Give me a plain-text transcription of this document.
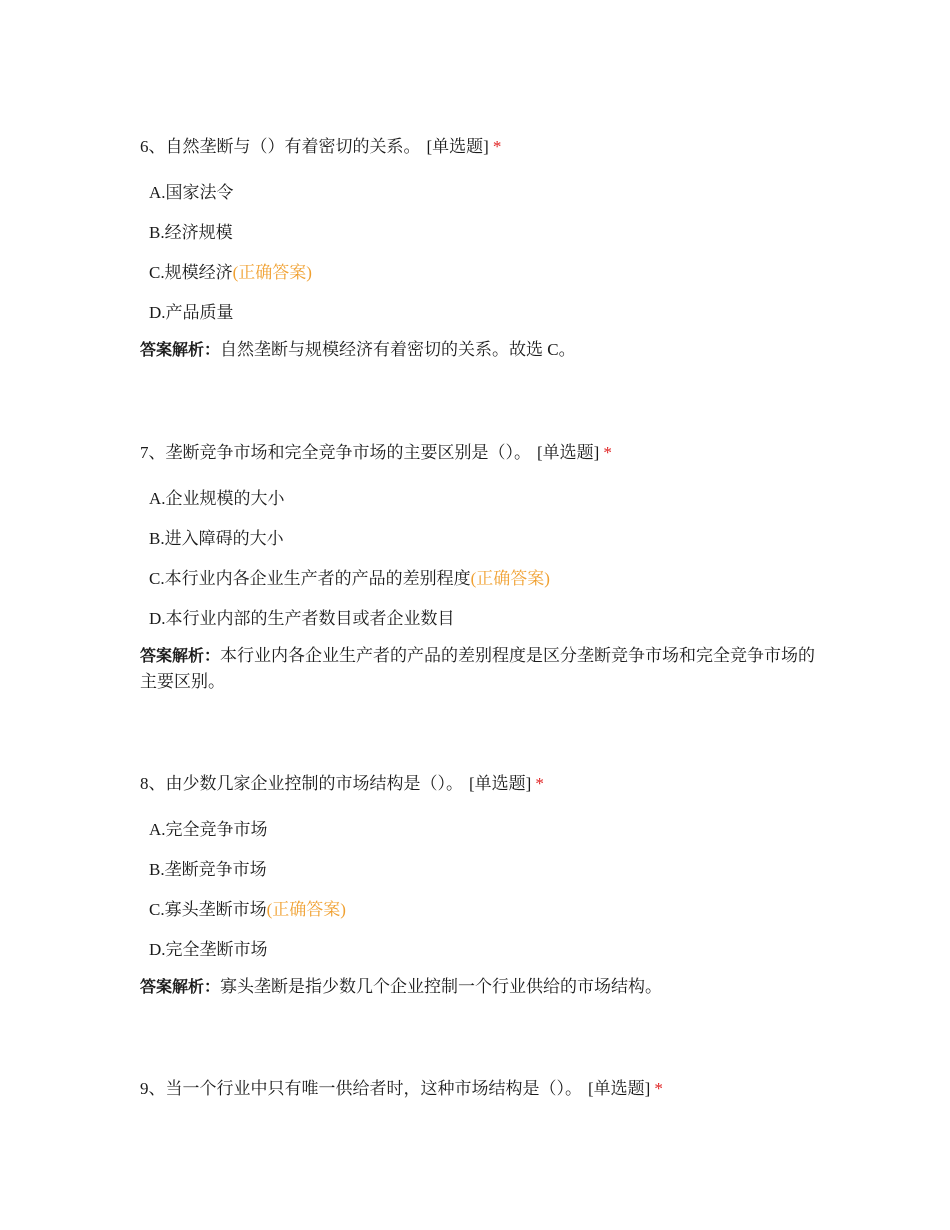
6、自然垄断与（）有着密切的关系。 [单选题] *
A.国家法令
B.经济规模
C.规模经济(正确答案)
D.产品质量
答案解析：自然垄断与规模经济有着密切的关系。故选 C。
7、垄断竞争市场和完全竞争市场的主要区别是（）。 [单选题] *
A.企业规模的大小
B.进入障碍的大小
C.本行业内各企业生产者的产品的差别程度(正确答案)
D.本行业内部的生产者数目或者企业数目
答案解析：本行业内各企业生产者的产品的差别程度是区分垄断竞争市场和完全竞争市场的主要区别。
8、由少数几家企业控制的市场结构是（）。 [单选题] *
A.完全竞争市场
B.垄断竞争市场
C.寡头垄断市场(正确答案)
D.完全垄断市场
答案解析：寡头垄断是指少数几个企业控制一个行业供给的市场结构。
9、当一个行业中只有唯一供给者时，这种市场结构是（）。 [单选题] *
